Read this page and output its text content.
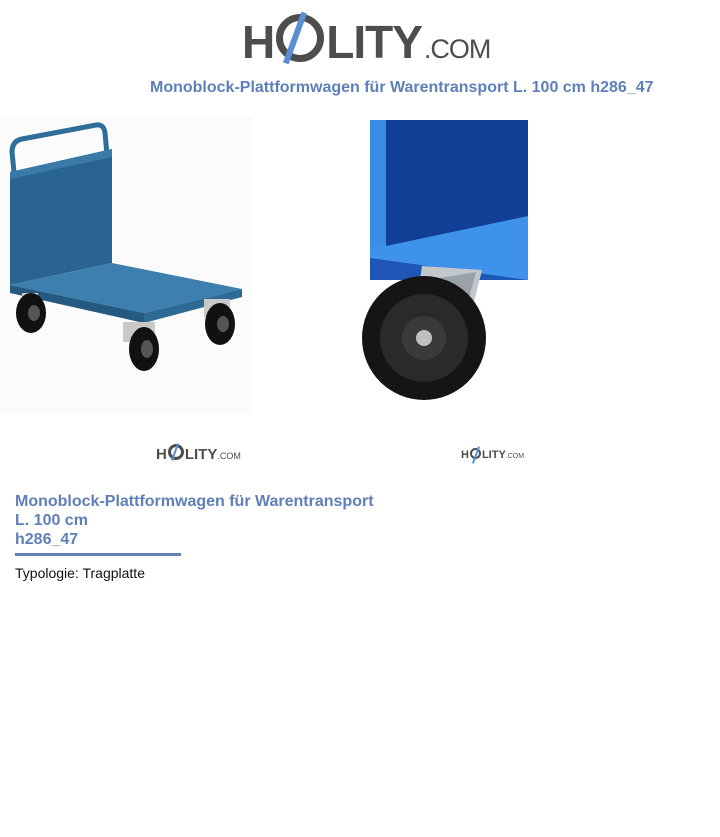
H LITY .COM
Monoblock-Plattformwagen für Warentransport L. 100 cm h286_47
H LITY .COM	H LITY .COM
Monoblock-Plattformwagen für Warentransport
L. 100 cm
h286_47
Typologie: Tragplatte
